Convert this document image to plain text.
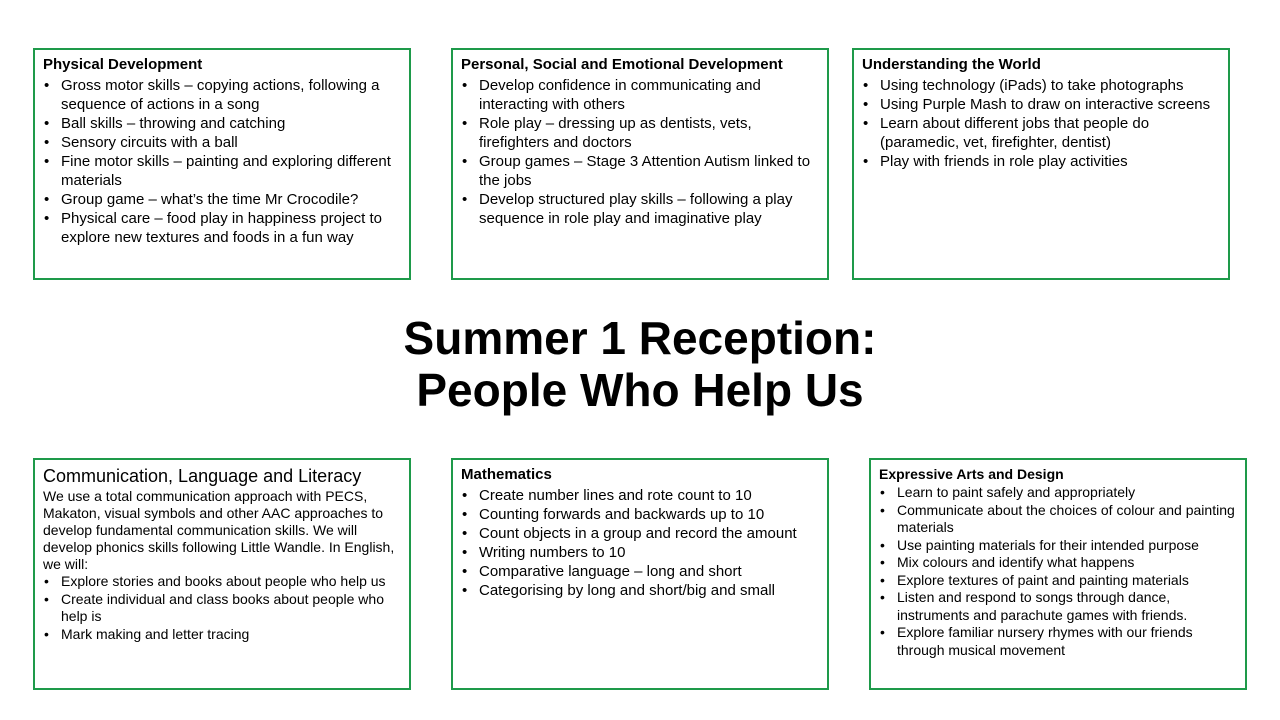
Physical Development
• Gross motor skills – copying actions, following a sequence of actions in a song
• Ball skills – throwing and catching
• Sensory circuits with a ball
• Fine motor skills – painting and exploring different materials
• Group game – what’s the time Mr Crocodile?
• Physical care – food play in happiness project to explore new textures and foods in a fun way
Personal, Social and Emotional Development
• Develop confidence in communicating and interacting with others
• Role play – dressing up as dentists, vets, firefighters and doctors
• Group games – Stage 3 Attention Autism linked to the jobs
• Develop structured play skills – following a play sequence in role play and imaginative play
Understanding the World
• Using technology (iPads) to take photographs
• Using Purple Mash to draw on interactive screens
• Learn about different jobs that people do (paramedic, vet, firefighter, dentist)
• Play with friends in role play activities
Summer 1 Reception:
People Who Help Us
Communication, Language and Literacy

We use a total communication approach with PECS, Makaton, visual symbols and other AAC approaches to develop fundamental communication skills. We will develop phonics skills following Little Wandle. In English, we will:

• Explore stories and books about people who help us
• Create individual and class books about people who help is
• Mark making and letter tracing
Mathematics
• Create number lines and rote count to 10
• Counting forwards and backwards up to 10
• Count objects in a group and record the amount
• Writing numbers to 10
• Comparative language – long and short
• Categorising by long and short/big and small
Expressive Arts and Design
• Learn to paint safely and appropriately
• Communicate about the choices of colour and painting materials
• Use painting materials for their intended purpose
• Mix colours and identify what happens
• Explore textures of paint and painting materials
• Listen and respond to songs through dance, instruments and parachute games with friends.
• Explore familiar nursery rhymes with our friends through musical movement
